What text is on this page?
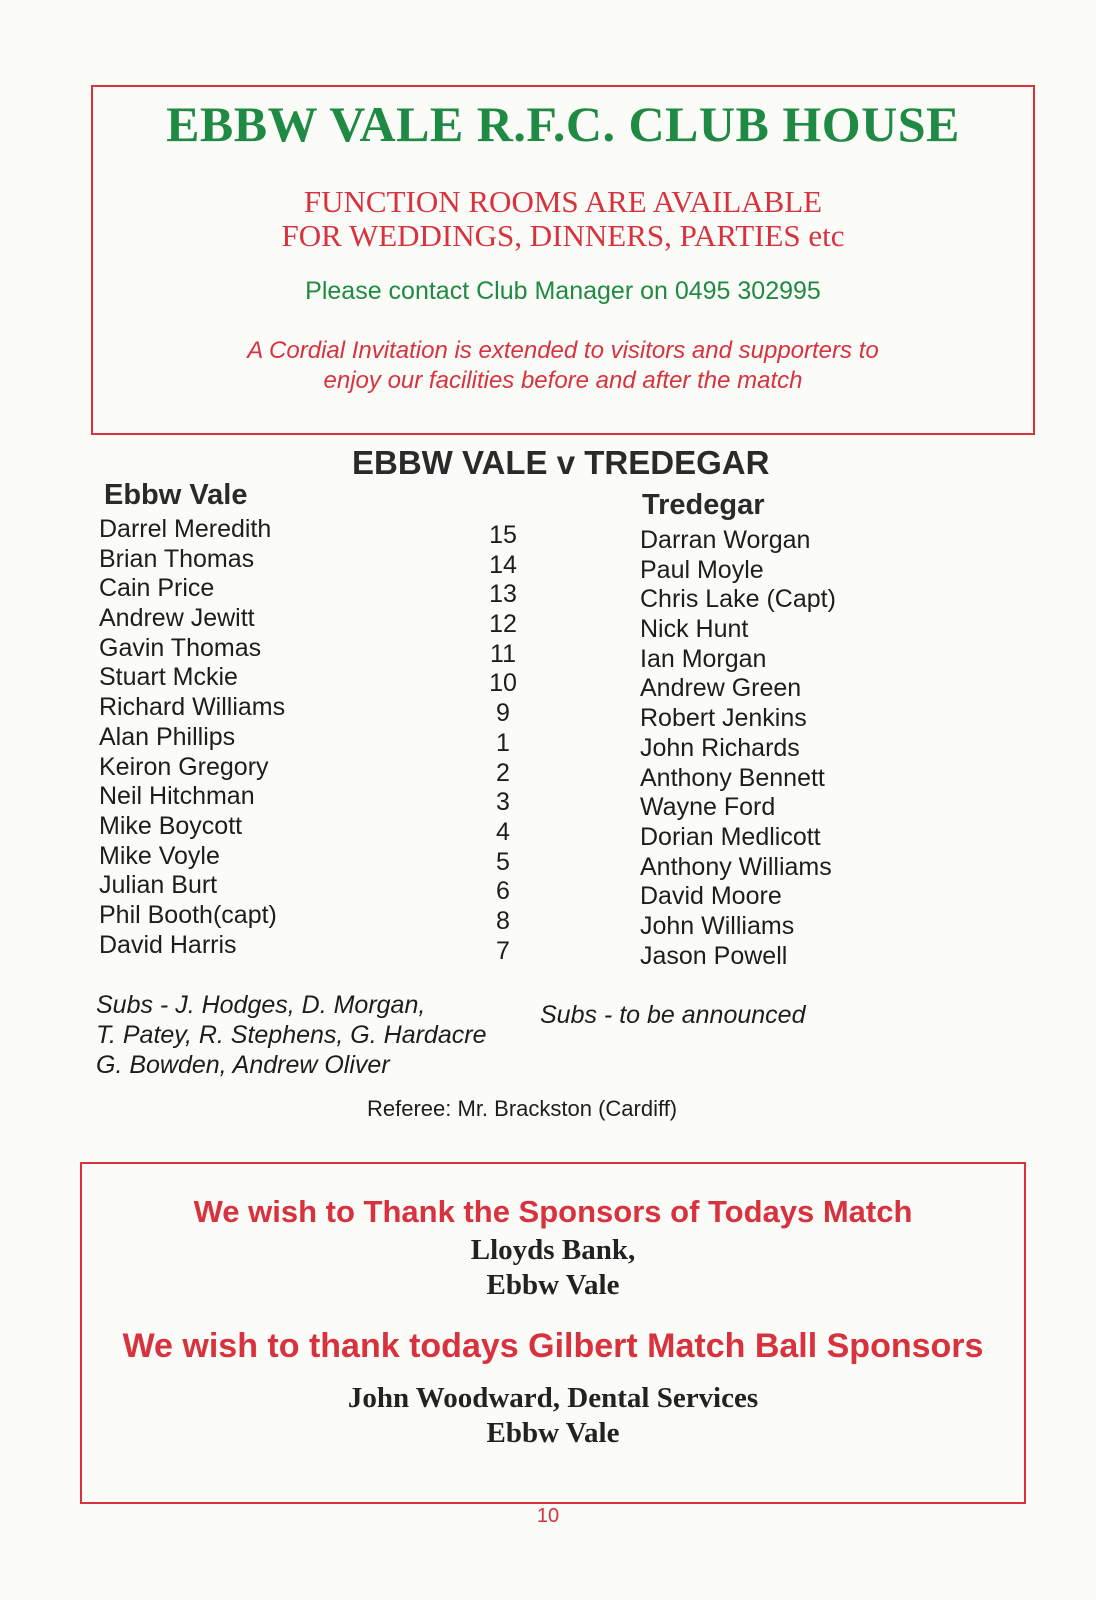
EBBW VALE R.F.C. CLUB HOUSE
FUNCTION ROOMS ARE AVAILABLE
FOR WEDDINGS, DINNERS, PARTIES etc
Please contact Club Manager on 0495 302995
A Cordial Invitation is extended to visitors and supporters to
enjoy our facilities before and after the match
EBBW VALE v TREDEGAR
Ebbw Vale	Tredegar
Darrel Meredith
Brian Thomas
Cain Price
Andrew Jewitt
Gavin Thomas
Stuart Mckie
Richard Williams
Alan Phillips
Keiron Gregory
Neil Hitchman
Mike Boycott
Mike Voyle
Julian Burt
Phil Booth(capt)
David Harris
15
14
13
12
11
10
9
1
2
3
4
5
6
8
7
Darran Worgan
Paul Moyle
Chris Lake (Capt)
Nick Hunt
Ian Morgan
Andrew Green
Robert Jenkins
John Richards
Anthony Bennett
Wayne Ford
Dorian Medlicott
Anthony Williams
David Moore
John Williams
Jason Powell
Subs - J. Hodges, D. Morgan,
T. Patey, R. Stephens, G. Hardacre
G. Bowden, Andrew Oliver
Subs - to be announced
Referee: Mr. Brackston (Cardiff)
We wish to Thank the Sponsors of Todays Match
Lloyds Bank,
Ebbw Vale
We wish to thank todays Gilbert Match Ball Sponsors
John Woodward, Dental Services
Ebbw Vale
10
